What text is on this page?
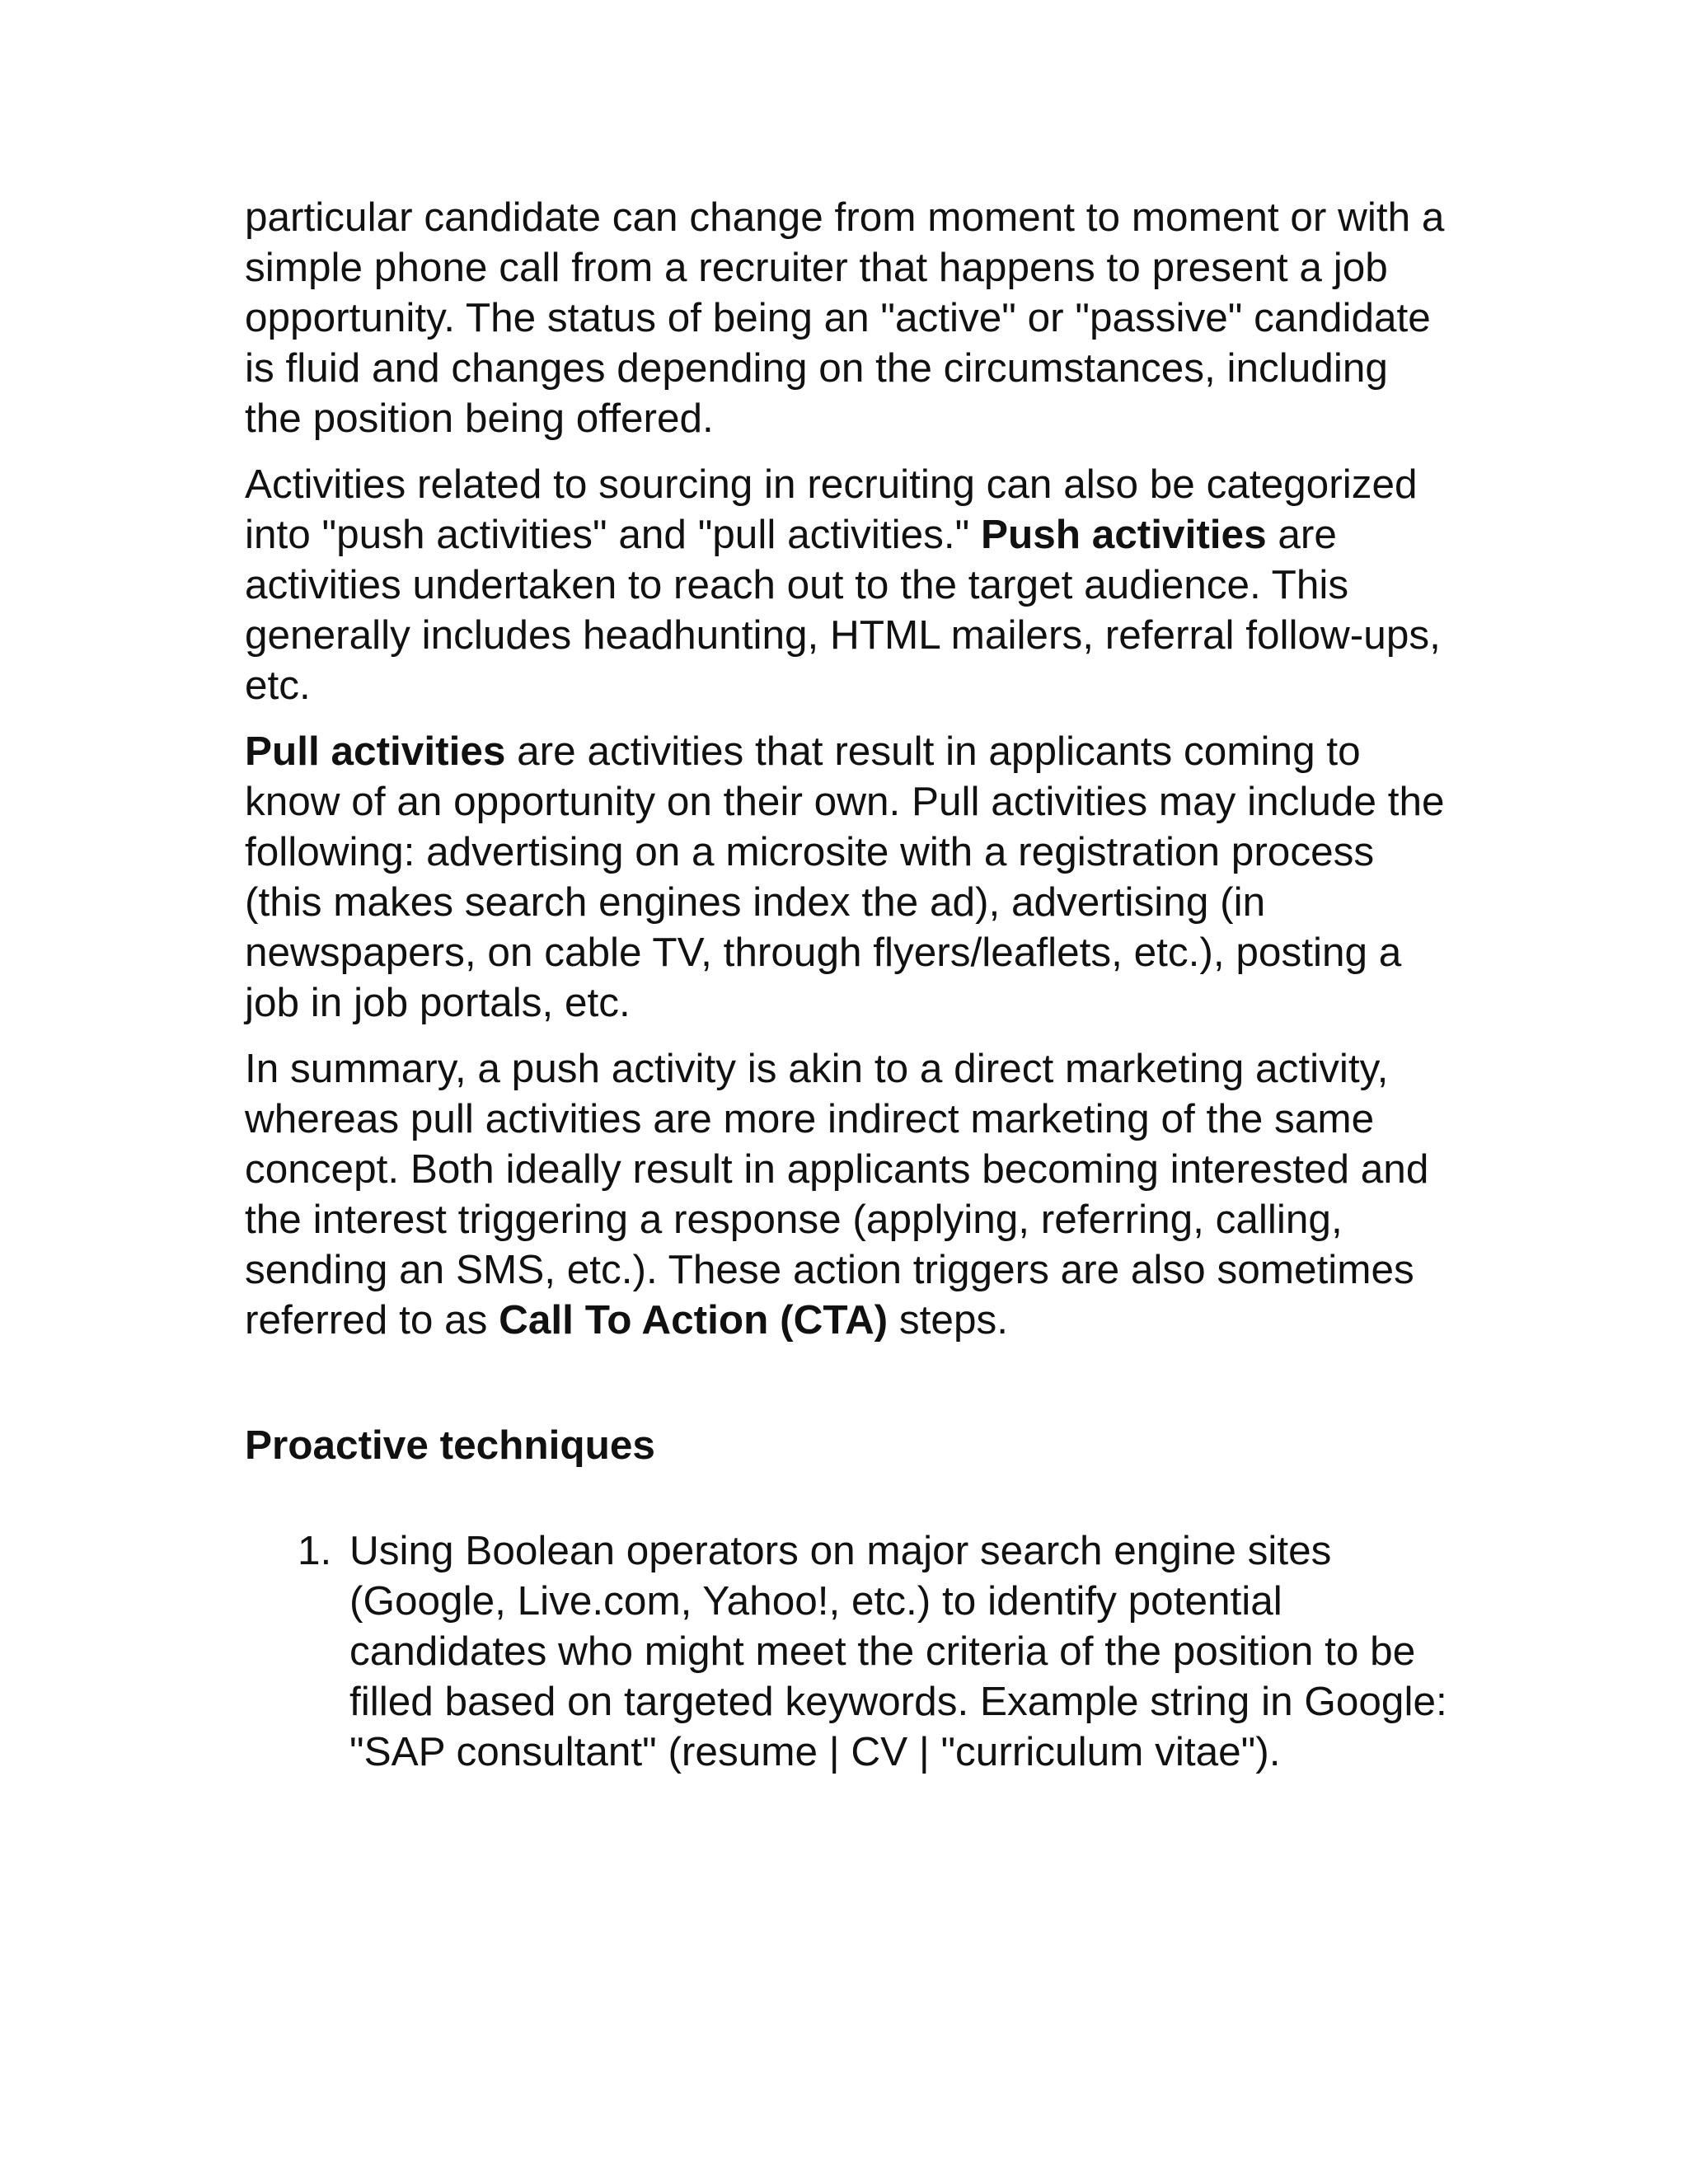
particular candidate can change from moment to moment or with a simple phone call from a recruiter that happens to present a job opportunity. The status of being an "active" or "passive" candidate is fluid and changes depending on the circumstances, including the position being offered.

Activities related to sourcing in recruiting can also be categorized into "push activities" and "pull activities." Push activities are activities undertaken to reach out to the target audience. This generally includes headhunting, HTML mailers, referral follow-ups, etc.

Pull activities are activities that result in applicants coming to know of an opportunity on their own. Pull activities may include the following: advertising on a microsite with a registration process (this makes search engines index the ad), advertising (in newspapers, on cable TV, through flyers/leaflets, etc.), posting a job in job portals, etc.

In summary, a push activity is akin to a direct marketing activity, whereas pull activities are more indirect marketing of the same concept. Both ideally result in applicants becoming interested and the interest triggering a response (applying, referring, calling, sending an SMS, etc.). These action triggers are also sometimes referred to as Call To Action (CTA) steps.

Proactive techniques
1. Using Boolean operators on major search engine sites (Google, Live.com, Yahoo!, etc.) to identify potential candidates who might meet the criteria of the position to be filled based on targeted keywords. Example string in Google: "SAP consultant" (resume | CV | "curriculum vitae").
